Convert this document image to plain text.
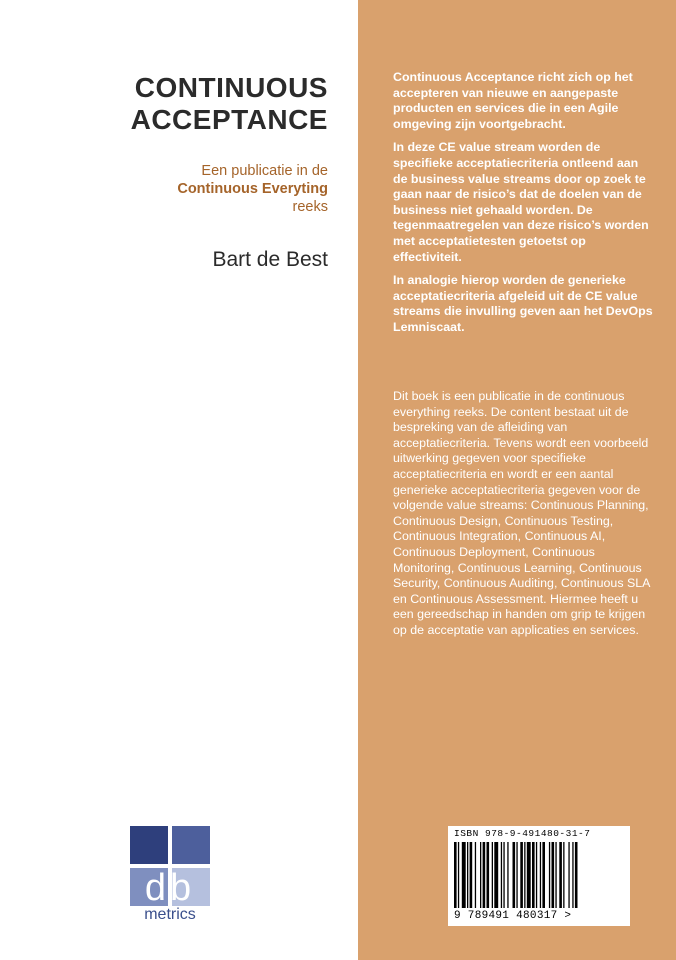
CONTINUOUS
ACCEPTANCE
Een publicatie in de
Continuous Everyting
reeks
Bart de Best
db
metrics

Continuous Acceptance richt zich op het accepteren van nieuwe en aangepaste producten en services die in een Agile omgeving zijn voortgebracht.

In deze CE value stream worden de specifieke acceptatiecriteria ontleend aan de business value streams door op zoek te gaan naar de risico’s dat de doelen van de business niet gehaald worden. De tegenmaatregelen van deze risico’s worden met acceptatietesten getoetst op effectiviteit.

In analogie hierop worden de generieke acceptatiecriteria afgeleid uit de CE value streams die invulling geven aan het DevOps Lemniscaat.

Dit boek is een publicatie in de continuous everything reeks. De content bestaat uit de bespreking van de afleiding van acceptatiecriteria. Tevens wordt een voorbeeld uitwerking gegeven voor specifieke acceptatiecriteria en wordt er een aantal generieke acceptatiecriteria gegeven voor de volgende value streams: Continuous Planning, Continuous Design, Continuous Testing, Continuous Integration, Continuous AI, Continuous Deployment, Continuous Monitoring, Continuous Learning, Continuous Security, Continuous Auditing, Continuous SLA en Continuous Assessment. Hiermee heeft u een gereedschap in handen om grip te krijgen op de acceptatie van applicaties en services.

ISBN 978-9-491480-31-7
9 789491 480317 >
